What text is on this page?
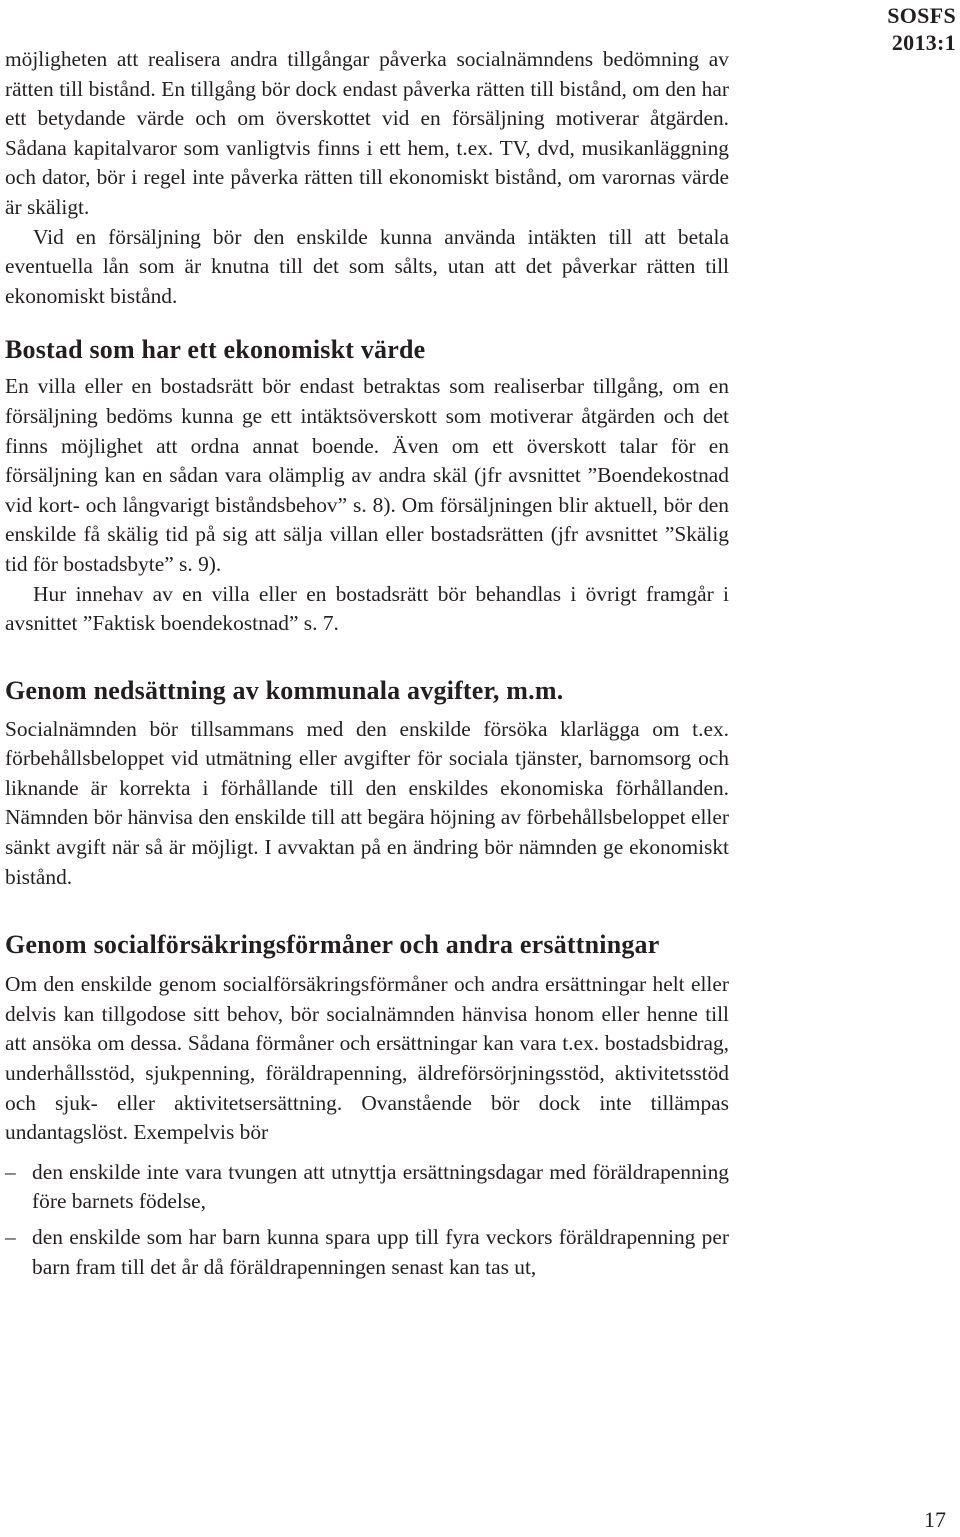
SOSFS
2013:1

möjligheten att realisera andra tillgångar påverka socialnämndens bedömning av rätten till bistånd. En tillgång bör dock endast påverka rätten till bistånd, om den har ett betydande värde och om överskottet vid en försäljning motiverar åtgärden. Sådana kapitalvaror som vanligtvis finns i ett hem, t.ex. TV, dvd, musikanläggning och dator, bör i regel inte påverka rätten till ekonomiskt bistånd, om varornas värde är skäligt.

Vid en försäljning bör den enskilde kunna använda intäkten till att betala eventuella lån som är knutna till det som sålts, utan att det påverkar rätten till ekonomiskt bistånd.

Bostad som har ett ekonomiskt värde

En villa eller en bostadsrätt bör endast betraktas som realiserbar tillgång, om en försäljning bedöms kunna ge ett intäktsöverskott som motiverar åtgärden och det finns möjlighet att ordna annat boende. Även om ett överskott talar för en försäljning kan en sådan vara olämplig av andra skäl (jfr avsnittet ”Boendekostnad vid kort- och långvarigt biståndsbehov” s. 8). Om försäljningen blir aktuell, bör den enskilde få skälig tid på sig att sälja villan eller bostadsrätten (jfr avsnittet ”Skälig tid för bostadsbyte” s. 9).

Hur innehav av en villa eller en bostadsrätt bör behandlas i övrigt framgår i avsnittet ”Faktisk boendekostnad” s. 7.

Genom nedsättning av kommunala avgifter, m.m.

Socialnämnden bör tillsammans med den enskilde försöka klarlägga om t.ex. förbehållsbeloppet vid utmätning eller avgifter för sociala tjänster, barnomsorg och liknande är korrekta i förhållande till den enskildes ekonomiska förhållanden. Nämnden bör hänvisa den enskilde till att begära höjning av förbehållsbeloppet eller sänkt avgift när så är möjligt. I avvaktan på en ändring bör nämnden ge ekonomiskt bistånd.

Genom socialförsäkringsförmåner och andra ersättningar

Om den enskilde genom socialförsäkringsförmåner och andra ersättningar helt eller delvis kan tillgodose sitt behov, bör socialnämnden hänvisa honom eller henne till att ansöka om dessa. Sådana förmåner och ersättningar kan vara t.ex. bostadsbidrag, underhållsstöd, sjukpenning, föräldrapenning, äldreförsörjningsstöd, aktivitetsstöd och sjuk- eller aktivitetsersättning. Ovanstående bör dock inte tillämpas undantagslöst. Exempelvis bör

– den enskilde inte vara tvungen att utnyttja ersättningsdagar med föräldrapenning före barnets födelse,
– den enskilde som har barn kunna spara upp till fyra veckors föräldrapenning per barn fram till det år då föräldrapenningen senast kan tas ut,
17
